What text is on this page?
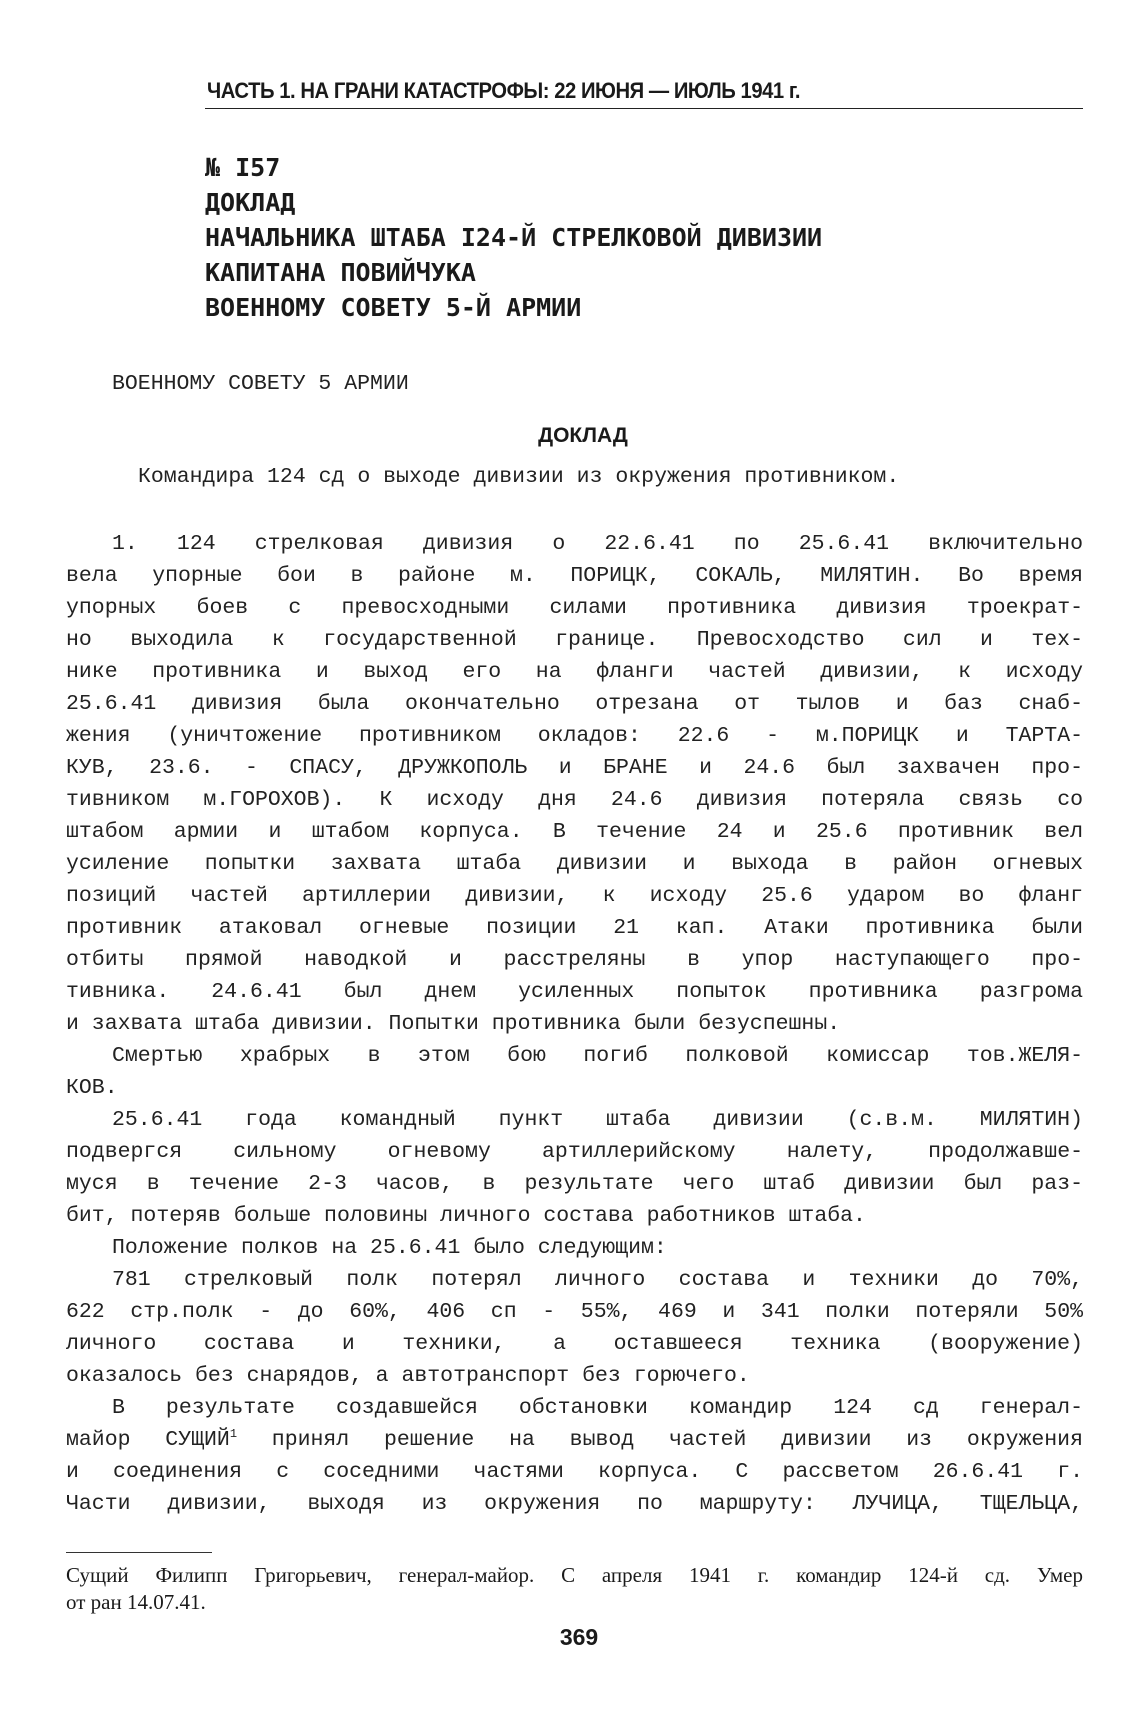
ЧАСТЬ 1. НА ГРАНИ КАТАСТРОФЫ: 22 ИЮНЯ — ИЮЛЬ 1941 г.
№ I57
ДОКЛАД
НАЧАЛЬНИКА ШТАБА I24-Й СТРЕЛКОВОЙ ДИВИЗИИ
КАПИТАНА ПОВИЙЧУКА
ВОЕННОМУ СОВЕТУ 5-Й АРМИИ
ВОЕННОМУ СОВЕТУ 5 АРМИИ
ДОКЛАД
Командира 124 сд о выходе дивизии из окружения противником.
1. 124 стрелковая дивизия о 22.6.41 по 25.6.41 включительно
вела упорные бои в районе м. ПОРИЦК, СОКАЛЬ, МИЛЯТИН. Во время
упорных боев с превосходными силами противника дивизия троекрат-
но выходила к государственной границе. Превосходство сил и тех-
нике противника и выход его на фланги частей дивизии, к исходу
25.6.41 дивизия была окончательно отрезана от тылов и баз снаб-
жения (уничтожение противником окладов: 22.6 - м.ПОРИЦК и ТАРТА-
КУВ, 23.6. - СПАСУ, ДРУЖКОПОЛЬ и БРАНЕ и 24.6 был захвачен про-
тивником м.ГОРОХОВ). К исходу дня 24.6 дивизия потеряла связь со
штабом армии и штабом корпуса. В течение 24 и 25.6 противник вел
усиление попытки захвата штаба дивизии и выхода в район огневых
позиций частей артиллерии дивизии, к исходу 25.6 ударом во фланг
противник атаковал огневые позиции 21 кап. Атаки противника были
отбиты прямой наводкой и расстреляны в упор наступающего про-
тивника. 24.6.41 был днем усиленных попыток противника разгрома
и захвата штаба дивизии. Попытки противника были безуспешны.
Смертью храбрых в этом бою погиб полковой комиссар тов.ЖЕЛЯ-
КОВ.
25.6.41 года командный пункт штаба дивизии (с.в.м. МИЛЯТИН)
подвергся сильному огневому артиллерийскому налету, продолжавше-
муся в течение 2-3 часов, в результате чего штаб дивизии был раз-
бит, потеряв больше половины личного состава работников штаба.
Положение полков на 25.6.41 было следующим:
781 стрелковый полк потерял личного состава и техники до 70%,
622 стр.полк - до 60%, 406 сп - 55%, 469 и 341 полки потеряли 50%
личного состава и техники, а оставшееся техника (вооружение)
оказалось без снарядов, а автотранспорт без горючего.
В результате создавшейся обстановки командир 124 сд генерал-
майор СУЩИЙ$^1$ принял решение на вывод частей дивизии из окружения
и соединения с соседними частями корпуса. С рассветом 26.6.41 г.
Части дивизии, выходя из окружения по маршруту: ЛУЧИЦА, ТЩЕЛЬЦА,
Сущий Филипп Григорьевич, генерал-майор. С апреля 1941 г. командир 124-й сд. Умер
от ран 14.07.41.
369
